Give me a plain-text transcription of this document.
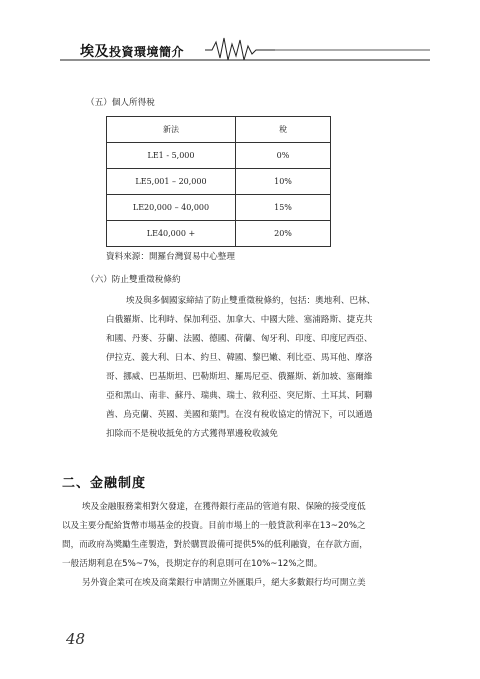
埃及投資環境簡介
（五）個人所得稅
新法	稅
LE1 - 5,000	0%
LE5,001 – 20,000	10%
LE20,000 – 40,000	15%
LE40,000 +	20%
資料來源：開羅台灣貿易中心整理
（六）防止雙重徵稅條約
埃及與多個國家締結了防止雙重徵稅條約，包括：奧地利、巴林、
白俄羅斯、比利時、保加利亞、加拿大、中國大陸、塞浦路斯、捷克共
和國、丹麥、芬蘭、法國、德國、荷蘭、匈牙利、印度、印度尼西亞、
伊拉克、義大利、日本、約旦、韓國、黎巴嫩、利比亞、馬耳他、摩洛
哥、挪威、巴基斯坦、巴勒斯坦、羅馬尼亞、俄羅斯、新加坡、塞爾維
亞和黑山、南非、蘇丹、瑞典、瑞士、敘利亞、突尼斯、土耳其、阿聯
酋、烏克蘭、英國、美國和葉門。在沒有稅收協定的情況下，可以通過
扣除而不是稅收抵免的方式獲得單邊稅收減免
二、金融制度
埃及金融服務業相對欠發達，在獲得銀行產品的管道有限、保險的接受度低
以及主要分配給貨幣市場基金的投資。目前市場上的一般貸款利率在13~20%之
間，而政府為獎勵生產製造，對於購買設備可提供5%的低利融資，在存款方面，
一般活期利息在5%~7%，長期定存的利息則可在10%~12%之間。
另外資企業可在埃及商業銀行申請開立外匯賬戶，絕大多數銀行均可開立美
48
